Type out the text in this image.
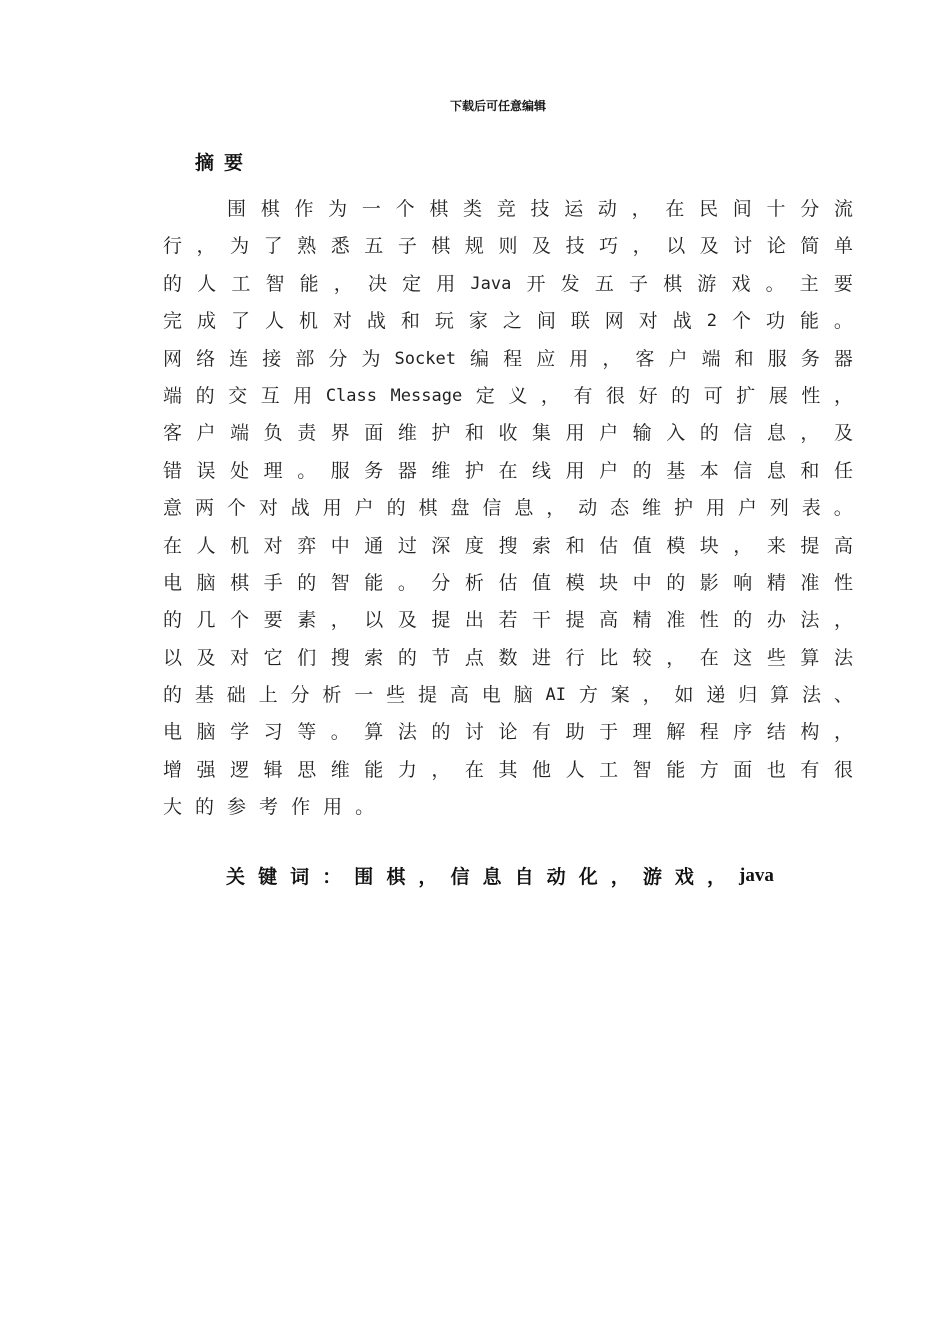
下载后可任意编辑
摘要
围 棋 作 为 一 个 棋 类 竞 技 运 动 ， 在 民 间 十 分 流
行 ， 为 了 熟 悉 五 子 棋 规 则 及 技 巧 ， 以 及 讨 论 简 单
的 人 工 智 能 ， 决 定 用 Java 开 发 五 子 棋 游 戏 。 主 要
完 成 了 人 机 对 战 和 玩 家 之 间 联 网 对 战 2 个 功 能 。
网 络 连 接 部 分 为 Socket 编 程 应 用 ， 客 户 端 和 服 务 器
端 的 交 互 用 Class Message 定 义 ， 有 很 好 的 可 扩 展 性 ，
客 户 端 负 责 界 面 维 护 和 收 集 用 户 输 入 的 信 息 ， 及
错 误 处 理 。 服 务 器 维 护 在 线 用 户 的 基 本 信 息 和 任
意 两 个 对 战 用 户 的 棋 盘 信 息 ， 动 态 维 护 用 户 列 表 。
在 人 机 对 弈 中 通 过 深 度 搜 索 和 估 值 模 块 ， 来 提 高
电 脑 棋 手 的 智 能 。 分 析 估 值 模 块 中 的 影 响 精 准 性
的 几 个 要 素 ， 以 及 提 出 若 干 提 高 精 准 性 的 办 法 ，
以 及 对 它 们 搜 索 的 节 点 数 进 行 比 较 ， 在 这 些 算 法
的 基 础 上 分 析 一 些 提 高 电 脑 AI 方 案 ， 如 递 归 算 法 、
电 脑 学 习 等 。 算 法 的 讨 论 有 助 于 理 解 程 序 结 构 ，
增 强 逻 辑 思 维 能 力 ， 在 其 他 人 工 智 能 方 面 也 有 很
大 的 参 考 作 用 。
关 键 词 ： 围 棋 ， 信 息 自 动 化 ， 游 戏 ， java
